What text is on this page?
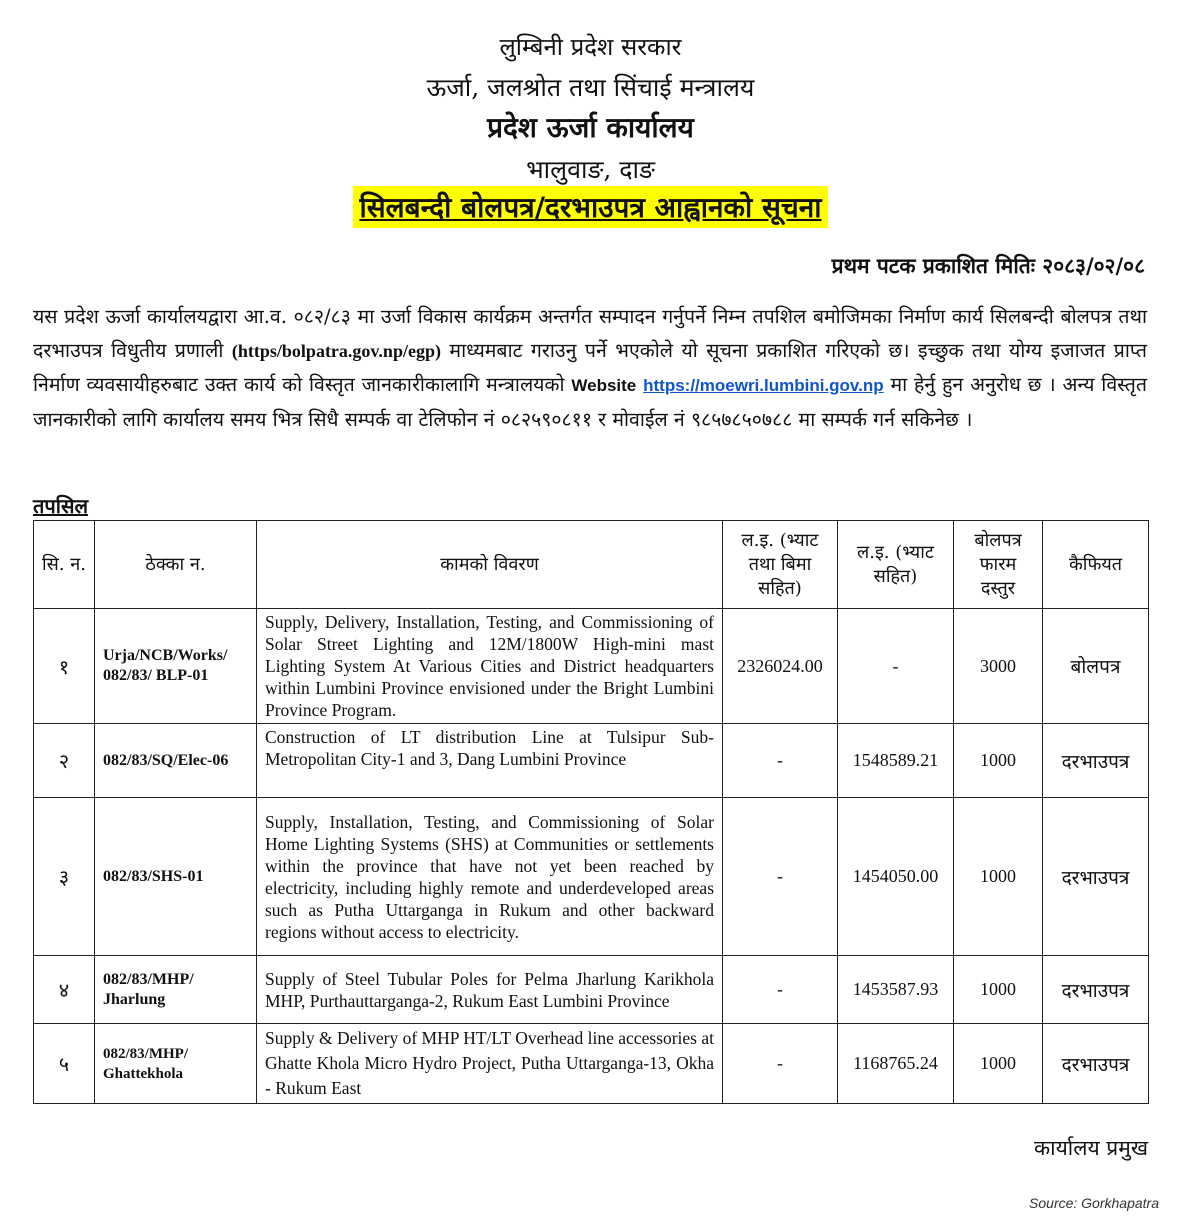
लुम्बिनी प्रदेश सरकार
ऊर्जा, जलश्रोत तथा सिंचाई मन्त्रालय
प्रदेश ऊर्जा कार्यालय
भालुवाङ, दाङ
सिलबन्दी बोलपत्र/दरभाउपत्र आह्वानको सूचना
प्रथम पटक प्रकाशित मितिः २०८३/०२/०८
यस प्रदेश ऊर्जा कार्यालयद्वारा आ.व. ०८२/८३ मा उर्जा विकास कार्यक्रम अन्तर्गत सम्पादन गर्नुपर्ने निम्न तपशिल बमोजिमका निर्माण कार्य सिलबन्दी बोलपत्र तथा दरभाउपत्र विधुतीय प्रणाली (https/bolpatra.gov.np/egp) माध्यमबाट गराउनु पर्ने भएकोले यो सूचना प्रकाशित गरिएको छ। इच्छुक तथा योग्य इजाजत प्राप्त निर्माण व्यवसायीहरुबाट उक्त कार्य को विस्तृत जानकारीकालागि मन्त्रालयको Website https://moewri.lumbini.gov.np मा हेर्नु हुन अनुरोध छ । अन्य विस्तृत जानकारीको लागि कार्यालय समय भित्र सिधै सम्पर्क वा टेलिफोन नं ०८२५९०८११ र मोवाईल नं ९८५७८५०७८८ मा सम्पर्क गर्न सकिनेछ ।
तपसिल
सि. न.	ठेक्का न.	कामको विवरण	ल.इ. (भ्याट तथा बिमा सहित)	ल.इ. (भ्याट सहित)	बोलपत्र फारम दस्तुर	कैफियत
१	Urja/NCB/Works/ 082/83/ BLP-01	Supply, Delivery, Installation, Testing, and Commissioning of Solar Street Lighting and 12M/1800W High-mini mast Lighting System At Various Cities and District headquarters within Lumbini Province envisioned under the Bright Lumbini Province Program.	2326024.00	-	3000	बोलपत्र
२	082/83/SQ/Elec-06	Construction of LT distribution Line at Tulsipur Sub-Metropolitan City-1 and 3, Dang Lumbini Province	-	1548589.21	1000	दरभाउपत्र
३	082/83/SHS-01	Supply, Installation, Testing, and Commissioning of Solar Home Lighting Systems (SHS) at Communities or settlements within the province that have not yet been reached by electricity, including highly remote and underdeveloped areas such as Putha Uttarganga in Rukum and other backward regions without access to electricity.	-	1454050.00	1000	दरभाउपत्र
४	082/83/MHP/ Jharlung	Supply of Steel Tubular Poles for Pelma Jharlung Karikhola MHP, Purthauttarganga-2, Rukum East Lumbini Province	-	1453587.93	1000	दरभाउपत्र
५	082/83/MHP/ Ghattekhola	Supply & Delivery of MHP HT/LT Overhead line accessories at Ghatte Khola Micro Hydro Project, Putha Uttarganga-13, Okha - Rukum East	-	1168765.24	1000	दरभाउपत्र
कार्यालय प्रमुख
Source: Gorkhapatra
